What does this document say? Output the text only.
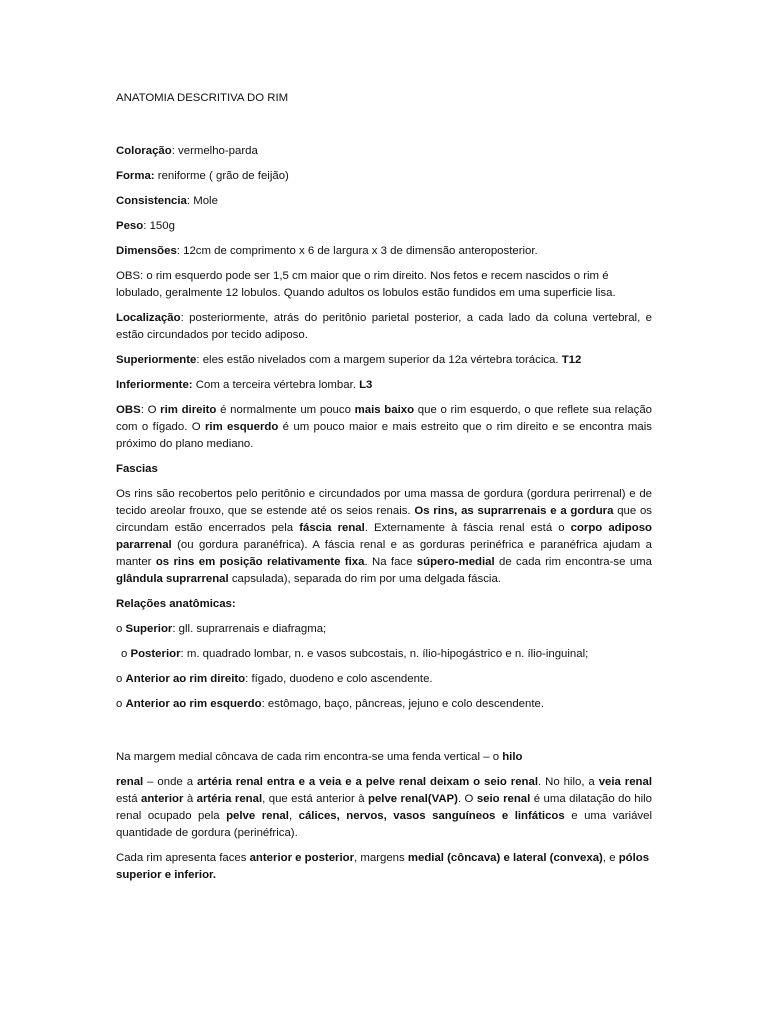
ANATOMIA DESCRITIVA DO RIM
Coloração: vermelho-parda
Forma: reniforme ( grão de feijão)
Consistencia: Mole
Peso: 150g
Dimensões: 12cm de comprimento x 6 de largura x 3 de dimensão anteroposterior.
OBS: o rim esquerdo pode ser 1,5 cm maior que o rim direito. Nos fetos e recem nascidos o rim é lobulado, geralmente 12 lobulos. Quando adultos os lobulos estão fundidos em uma superficie lisa.
Localização: posteriormente, atrás do peritônio parietal posterior, a cada lado da coluna vertebral, e estão circundados por tecido adiposo.
Superiormente: eles estão nivelados com a margem superior da 12a vértebra torácica. T12
Inferiormente: Com a terceira vértebra lombar. L3
OBS: O rim direito é normalmente um pouco mais baixo que o rim esquerdo, o que reflete sua relação com o fígado. O rim esquerdo é um pouco maior e mais estreito que o rim direito e se encontra mais próximo do plano mediano.
Fascias
Os rins são recobertos pelo peritônio e circundados por uma massa de gordura (gordura perirrenal) e de tecido areolar frouxo, que se estende até os seios renais. Os rins, as suprarrenais e a gordura que os circundam estão encerrados pela fáscia renal. Externamente à fáscia renal está o corpo adiposo pararrenal (ou gordura paranéfrica). A fáscia renal e as gorduras perinéfrica e paranéfrica ajudam a manter os rins em posição relativamente fixa. Na face súpero-medial de cada rim encontra-se uma glândula suprarrenal capsulada), separada do rim por uma delgada fáscia.
Relações anatômicas:
o Superior: gll. suprarrenais e diafragma;
o Posterior: m. quadrado lombar, n. e vasos subcostais, n. ílio-hipogástrico e n. ílio-inguinal;
o Anterior ao rim direito: fígado, duodeno e colo ascendente.
o Anterior ao rim esquerdo: estômago, baço, pâncreas, jejuno e colo descendente.
Na margem medial côncava de cada rim encontra-se uma fenda vertical – o hilo
renal – onde a artéria renal entra e a veia e a pelve renal deixam o seio renal. No hilo, a veia renal está anterior à artéria renal, que está anterior à pelve renal(VAP). O seio renal é uma dilatação do hilo renal ocupado pela pelve renal, cálices, nervos, vasos sanguíneos e linfáticos e uma variável quantidade de gordura (perinéfrica).
Cada rim apresenta faces anterior e posterior, margens medial (côncava) e lateral (convexa), e pólos superior e inferior.
